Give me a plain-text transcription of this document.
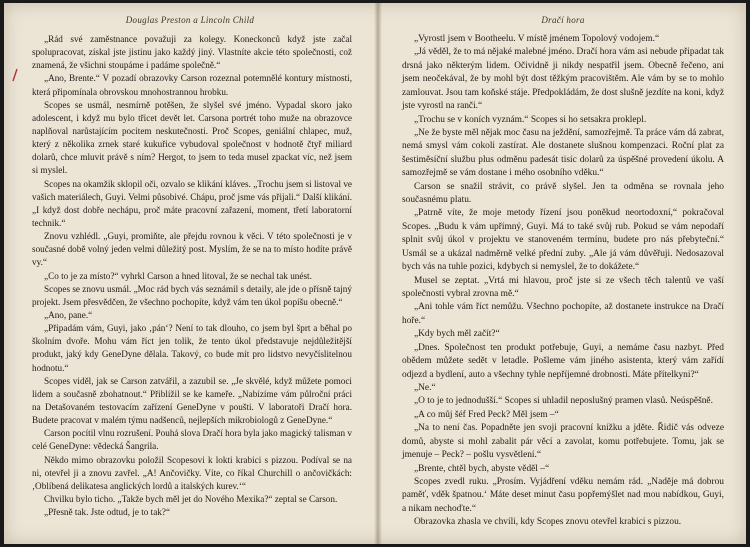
Douglas Preston a Lincoln Child

„Rád své zaměstnance považuji za kolegy. Koneckonců když jste začal spolupracovat, získal jste jistinu jako každý jiný. Vlastníte akcie této společnosti, což znamená, že všichni stoupáme i padáme společně.“

„Ano, Brente.“ V pozadí obrazovky Carson rozeznal potemnělé kontury místnosti, která připomínala obrovskou mnohostrannou hrobku.

Scopes se usmál, nesmírně potěšen, že slyšel své jméno. Vypadal skoro jako adolescent, i když mu bylo třicet devět let. Carsona portrét toho muže na obrazovce naplňoval narůstajícím pocitem neskutečnosti. Proč Scopes, geniální chlapec, muž, který z několika zrnek staré kukuřice vybudoval společnost v hodnotě čtyř miliard dolarů, chce mluvit právě s ním? Hergot, to jsem to teda musel zpackat víc, než jsem si myslel.

Scopes na okamžik sklopil oči, ozvalo se klikání kláves. „Trochu jsem si listoval ve vašich materiálech, Guyi. Velmi působivé. Chápu, proč jsme vás přijali.“ Další klikání. „I když dost dobře nechápu, proč máte pracovní zařazení, moment, třetí laboratorní technik.“

Znovu vzhlédl. „Guyi, promiňte, ale přejdu rovnou k věci. V této společnosti je v současné době volný jeden velmi důležitý post. Myslím, že se na to místo hodíte právě vy.“

„Co to je za místo?“ vyhrkl Carson a hned litoval, že se nechal tak unést.

Scopes se znovu usmál. „Moc rád bych vás seznámil s detaily, ale jde o přísně tajný projekt. Jsem přesvědčen, že všechno pochopíte, když vám ten úkol popíšu obecně.“

„Ano, pane.“

„Připadám vám, Guyi, jako ‚pán‘? Není to tak dlouho, co jsem byl šprt a běhal po školním dvoře. Mohu vám říct jen tolik, že tento úkol představuje nejdůležitější produkt, jaký kdy GeneDyne dělala. Takový, co bude mít pro lidstvo nevyčíslitelnou hodnotu.“

Scopes viděl, jak se Carson zatvářil, a zazubil se. „Je skvělé, když můžete pomoci lidem a současně zbohatnout.“ Přiblížil se ke kameře. „Nabízíme vám půlroční práci na Detašovaném testovacím zařízení GeneDyne v poušti. V laboratoři Dračí hora. Budete pracovat v malém týmu nadšenců, nejlepších mikrobiologů z GeneDyne.“

Carson pocítil vlnu rozrušení. Pouhá slova Dračí hora byla jako magický talisman v celé GeneDyne: vědecká Šangrila.

Někdo mimo obrazovku položil Scopesovi k lokti krabici s pizzou. Podíval se na ni, otevřel ji a znovu zavřel. „A! Ančovičky. Víte, co říkal Churchill o ančovičkách: ‚Oblíbená delikatesa anglických lordů a italských kurev.‘“

Chvilku bylo ticho. „Takže bych měl jet do Nového Mexika?“ zeptal se Carson.

„Přesně tak. Jste odtud, je to tak?“

Dračí hora

„Vyrostl jsem v Bootheelu. V místě jménem Topolový vodojem.“

„Já věděl, že to má nějaké malebné jméno. Dračí hora vám asi nebude připadat tak drsná jako některým lidem. Očividně ji nikdy nespatřil jsem. Obecně řečeno, ani jsem neočekával, že by mohl být dost těžkým pracovištěm. Ale vám by se to mohlo zamlouvat. Jsou tam koňské stáje. Předpokládám, že dost slušně jezdíte na koni, když jste vyrostl na ranči.“

„Trochu se v koních vyznám.“ Scopes si ho setsakra proklepl.

„Ne že byste měl nějak moc času na ježdění, samozřejmě. Ta práce vám dá zabrat, nemá smysl vám cokoli zastírat. Ale dostanete slušnou kompenzaci. Roční plat za šestiměsíční službu plus odměnu padesát tisíc dolarů za úspěšné provedení úkolu. A samozřejmě se vám dostane i mého osobního vděku.“

Carson se snažil strávit, co právě slyšel. Jen ta odměna se rovnala jeho současnému platu.

„Patrně víte, že moje metody řízení jsou poněkud neortodoxní,“ pokračoval Scopes. „Budu k vám upřímný, Guyi. Má to také svůj rub. Pokud se vám nepodaří splnit svůj úkol v projektu ve stanoveném termínu, budete pro nás přebyteční.“ Usmál se a ukázal nadměrně velké přední zuby. „Ale já vám důvěřuji. Nedosazoval bych vás na tuhle pozici, kdybych si nemyslel, že to dokážete.“

Musel se zeptat. „Vrtá mi hlavou, proč jste si ze všech těch talentů ve vaší společnosti vybral zrovna mě.“

„Ani tohle vám říct nemůžu. Všechno pochopíte, až dostanete instrukce na Dračí hoře.“

„Kdy bych měl začít?“

„Dnes. Společnost ten produkt potřebuje, Guyi, a nemáme času nazbyt. Před obědem můžete sedět v letadle. Pošleme vám jiného asistenta, který vám zařídí odjezd a bydlení, auto a všechny tyhle nepříjemné drobnosti. Máte přítelkyni?“

„Ne.“

„O to je to jednodušší.“ Scopes si uhladil neposlušný pramen vlasů. Neúspěšně.

„A co můj šéf Fred Peck? Měl jsem –“

„Na to není čas. Popadněte jen svoji pracovní knížku a jděte. Řidič vás odveze domů, abyste si mohl zabalit pár věcí a zavolat, komu potřebujete. Tomu, jak se jmenuje – Peck? – pošlu vysvětlení.“

„Brente, chtěl bych, abyste věděl –“

Scopes zvedl ruku. „Prosím. Vyjádření vděku nemám rád. „Naděje má dobrou paměť, vděk špatnou.‘ Máte deset minut času popřemýšlet nad mou nabídkou, Guyi, a nikam nechoďte.“

Obrazovka zhasla ve chvíli, kdy Scopes znovu otevřel krabici s pizzou.
